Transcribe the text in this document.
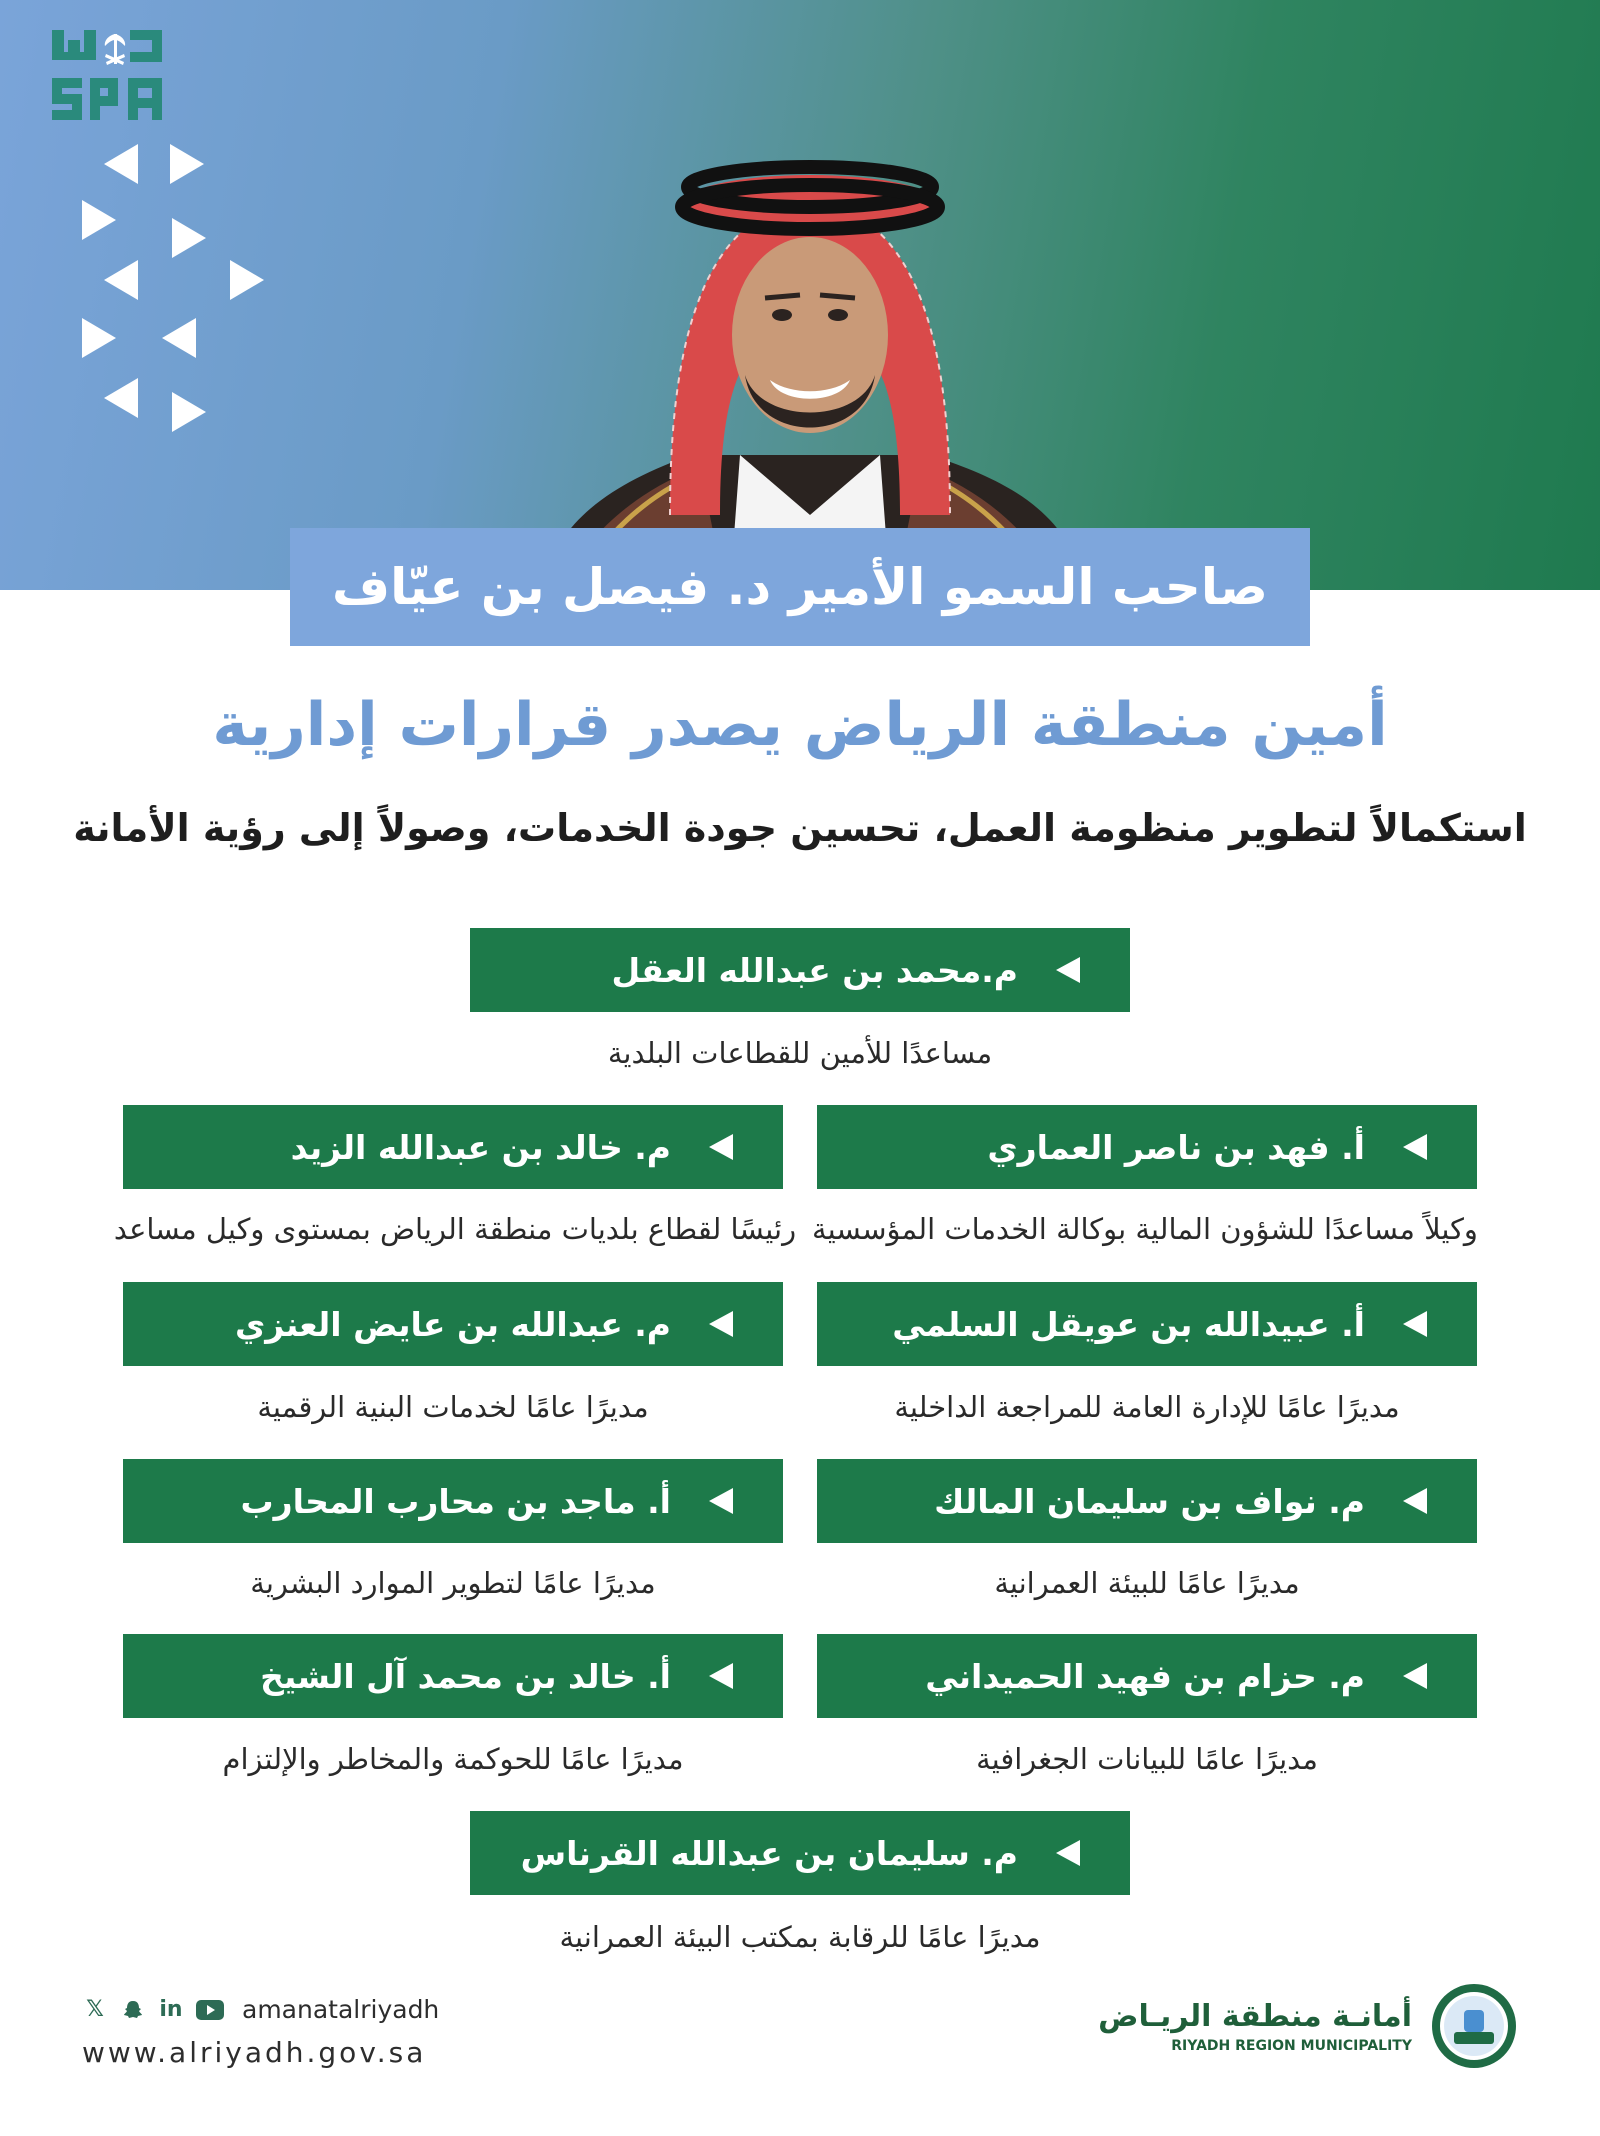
صاحب السمو الأمير د. فيصل بن عيّاف
أمين منطقة الرياض يصدر قرارات إدارية
استكمالاً لتطوير منظومة العمل، تحسين جودة الخدمات، وصولاً إلى رؤية الأمانة
م.محمد بن عبدالله العقل
مساعدًا للأمين للقطاعات البلدية
أ. فهد بن ناصر العماري
وكيلاً مساعدًا للشؤون المالية بوكالة الخدمات المؤسسية
أ. عبيدالله بن عويقل السلمي
مديرًا عامًا للإدارة العامة للمراجعة الداخلية
م. نواف بن سليمان المالك
مديرًا عامًا للبيئة العمرانية
م. حزام بن فهيد الحميداني
مديرًا عامًا للبيانات الجغرافية
م. خالد بن عبدالله الزيد
رئيسًا لقطاع بلديات منطقة الرياض بمستوى وكيل مساعد
م. عبدالله بن عايض العنزي
مديرًا عامًا لخدمات البنية الرقمية
أ. ماجد بن محارب المحارب
مديرًا عامًا لتطوير الموارد البشرية
أ. خالد بن محمد آل الشيخ
مديرًا عامًا للحوكمة والمخاطر والإلتزام
م. سليمان بن عبدالله القرناس
مديرًا عامًا للرقابة بمكتب البيئة العمرانية
𝕏	in amanatalriyadh
www.alriyadh.gov.sa
أمانـة منطقة الريـاض
RIYADH REGION MUNICIPALITY
